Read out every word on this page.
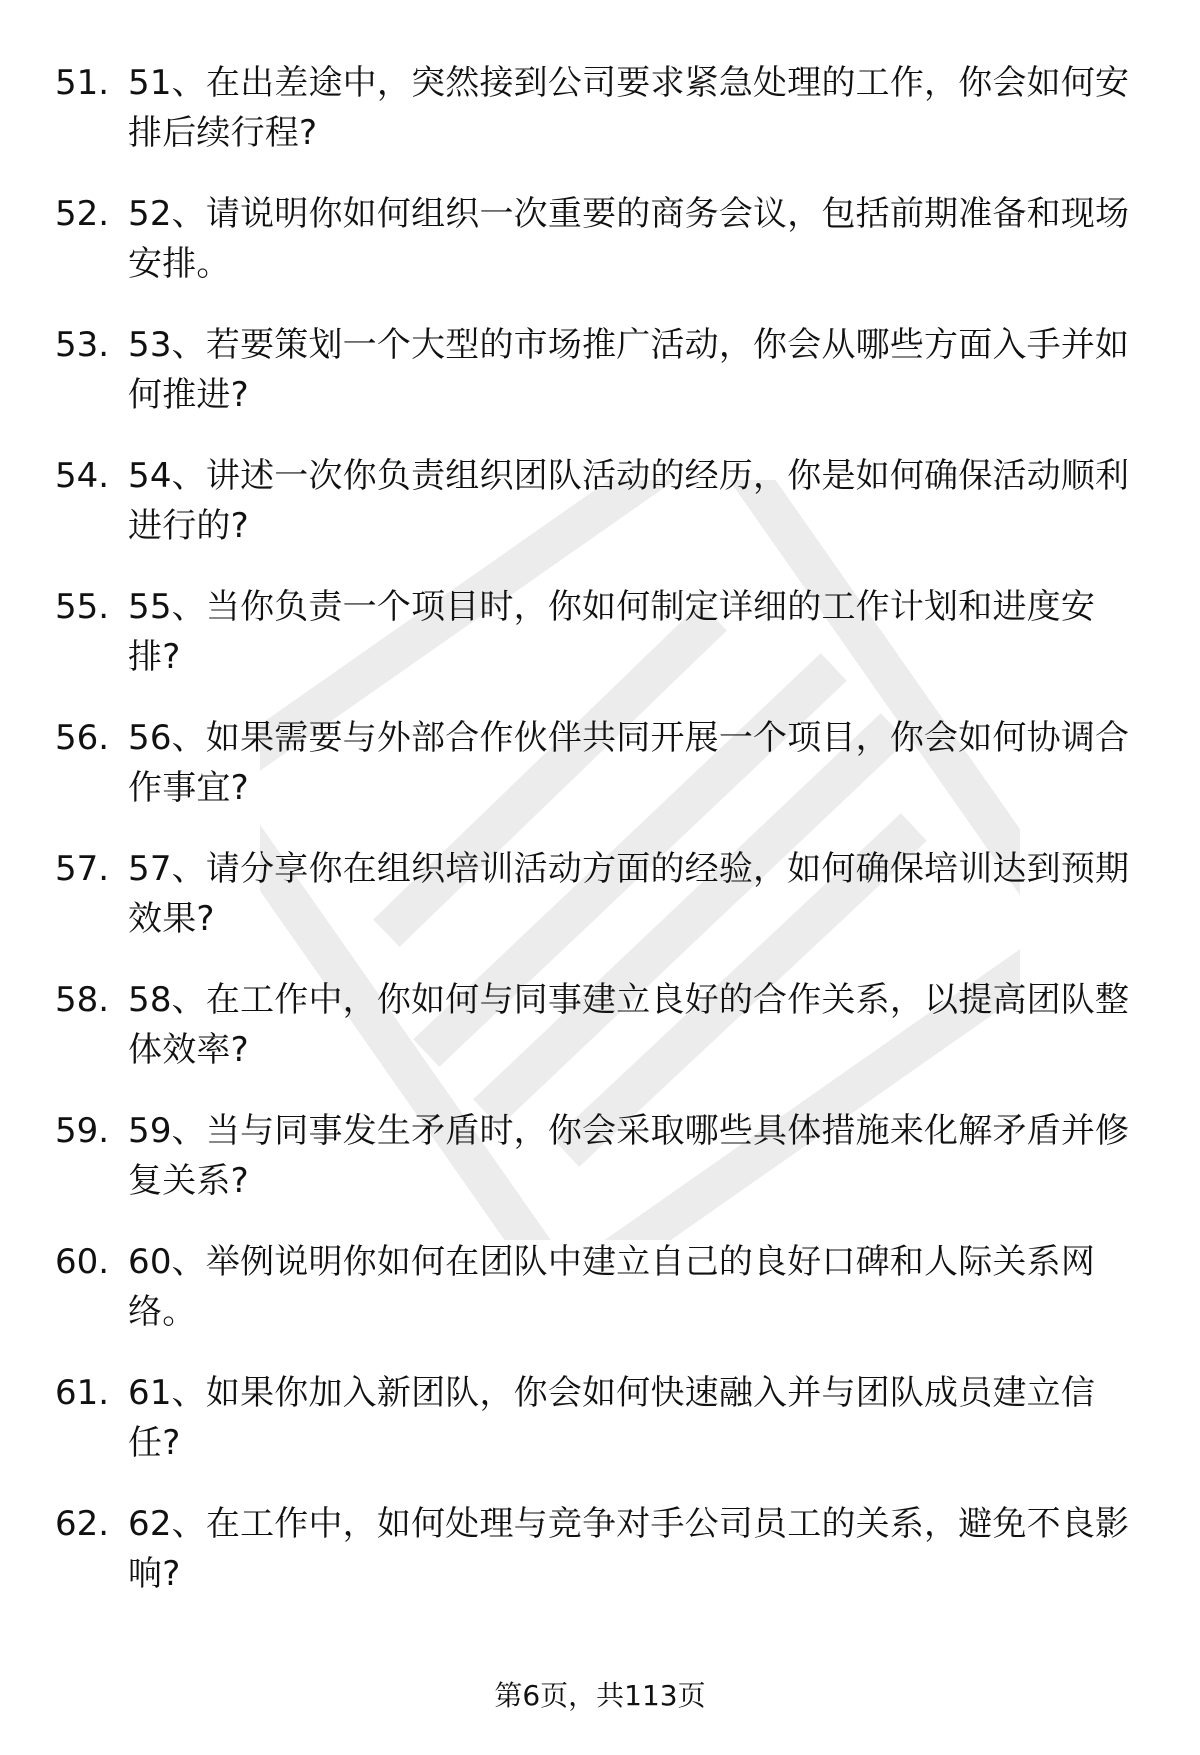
51. 51、在出差途中，突然接到公司要求紧急处理的工作，你会如何安排后续行程?
52. 52、请说明你如何组织一次重要的商务会议，包括前期准备和现场安排。
53. 53、若要策划一个大型的市场推广活动，你会从哪些方面入手并如何推进?
54. 54、讲述一次你负责组织团队活动的经历，你是如何确保活动顺利进行的?
55. 55、当你负责一个项目时，你如何制定详细的工作计划和进度安排?
56. 56、如果需要与外部合作伙伴共同开展一个项目，你会如何协调合作事宜?
57. 57、请分享你在组织培训活动方面的经验，如何确保培训达到预期效果?
58. 58、在工作中，你如何与同事建立良好的合作关系，以提高团队整体效率?
59. 59、当与同事发生矛盾时，你会采取哪些具体措施来化解矛盾并修复关系?
60. 60、举例说明你如何在团队中建立自己的良好口碑和人际关系网络。
61. 61、如果你加入新团队，你会如何快速融入并与团队成员建立信任?
62. 62、在工作中，如何处理与竞争对手公司员工的关系，避免不良影响?
第6页，共113页
